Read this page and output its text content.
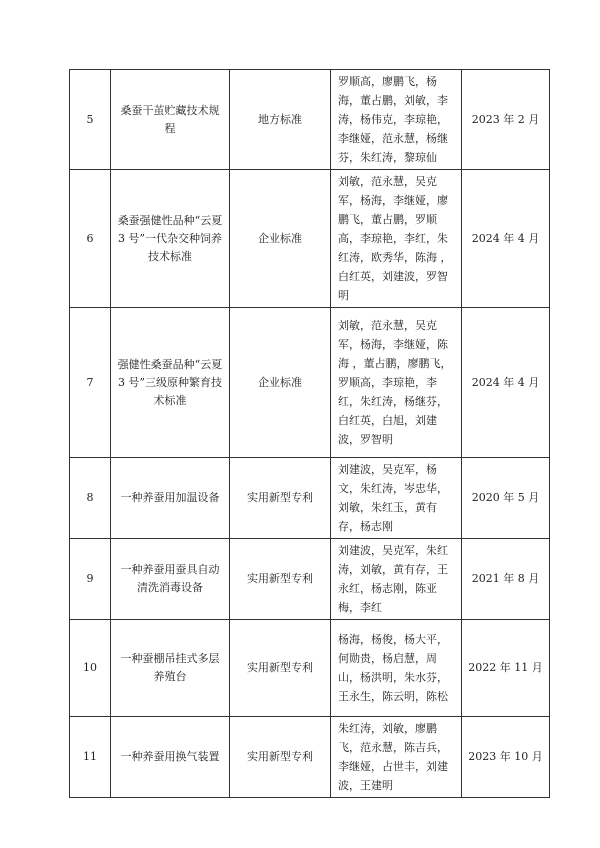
5	桑蚕干茧贮藏技术规程	地方标准	罗顺高，廖鹏飞，杨海，董占鹏，刘敏，李涛，杨伟克，李琼艳，李继娅，范永慧，杨继芬，朱红涛，黎琼仙	2023 年 2 月
6	桑蚕强健性品种“云夏 3 号”一代杂交种饲养技术标准	企业标准	刘敏，范永慧，吴克军，杨海，李继娅，廖鹏飞，董占鹏，罗顺高，李琼艳，李红，朱红涛，欧秀华，陈海 ，白红英，刘建波，罗智明	2024 年 4 月
7	强健性桑蚕品种“云夏 3 号”三级原种繁育技术标准	企业标准	刘敏，范永慧，吴克军，杨海，李继娅，陈海 ，董占鹏，廖鹏飞，罗顺高，李琼艳，李红，朱红涛，杨继芬，白红英，白旭，刘建波，罗智明	2024 年 4 月
8	一种养蚕用加温设备	实用新型专利	刘建波，吴克军，杨文，朱红涛，岑忠华，刘敏，朱红玉，黄有存，杨志刚	2020 年 5 月
9	一种养蚕用蚕具自动清洗消毒设备	实用新型专利	刘建波，吴克军，朱红涛，刘敏，黄有存，王永红，杨志刚，陈亚梅，李红	2021 年 8 月
10	一种蚕棚吊挂式多层养殖台	实用新型专利	杨海，杨俊，杨大平，何勋贵，杨启慧，周山，杨洪明，朱水芬，王永生，陈云明，陈松	2022 年 11 月
11	一种养蚕用换气装置	实用新型专利	朱红涛，刘敏，廖鹏飞，范永慧，陈吉兵，李继娅，占世丰，刘建波，王建明	2023 年 10 月
